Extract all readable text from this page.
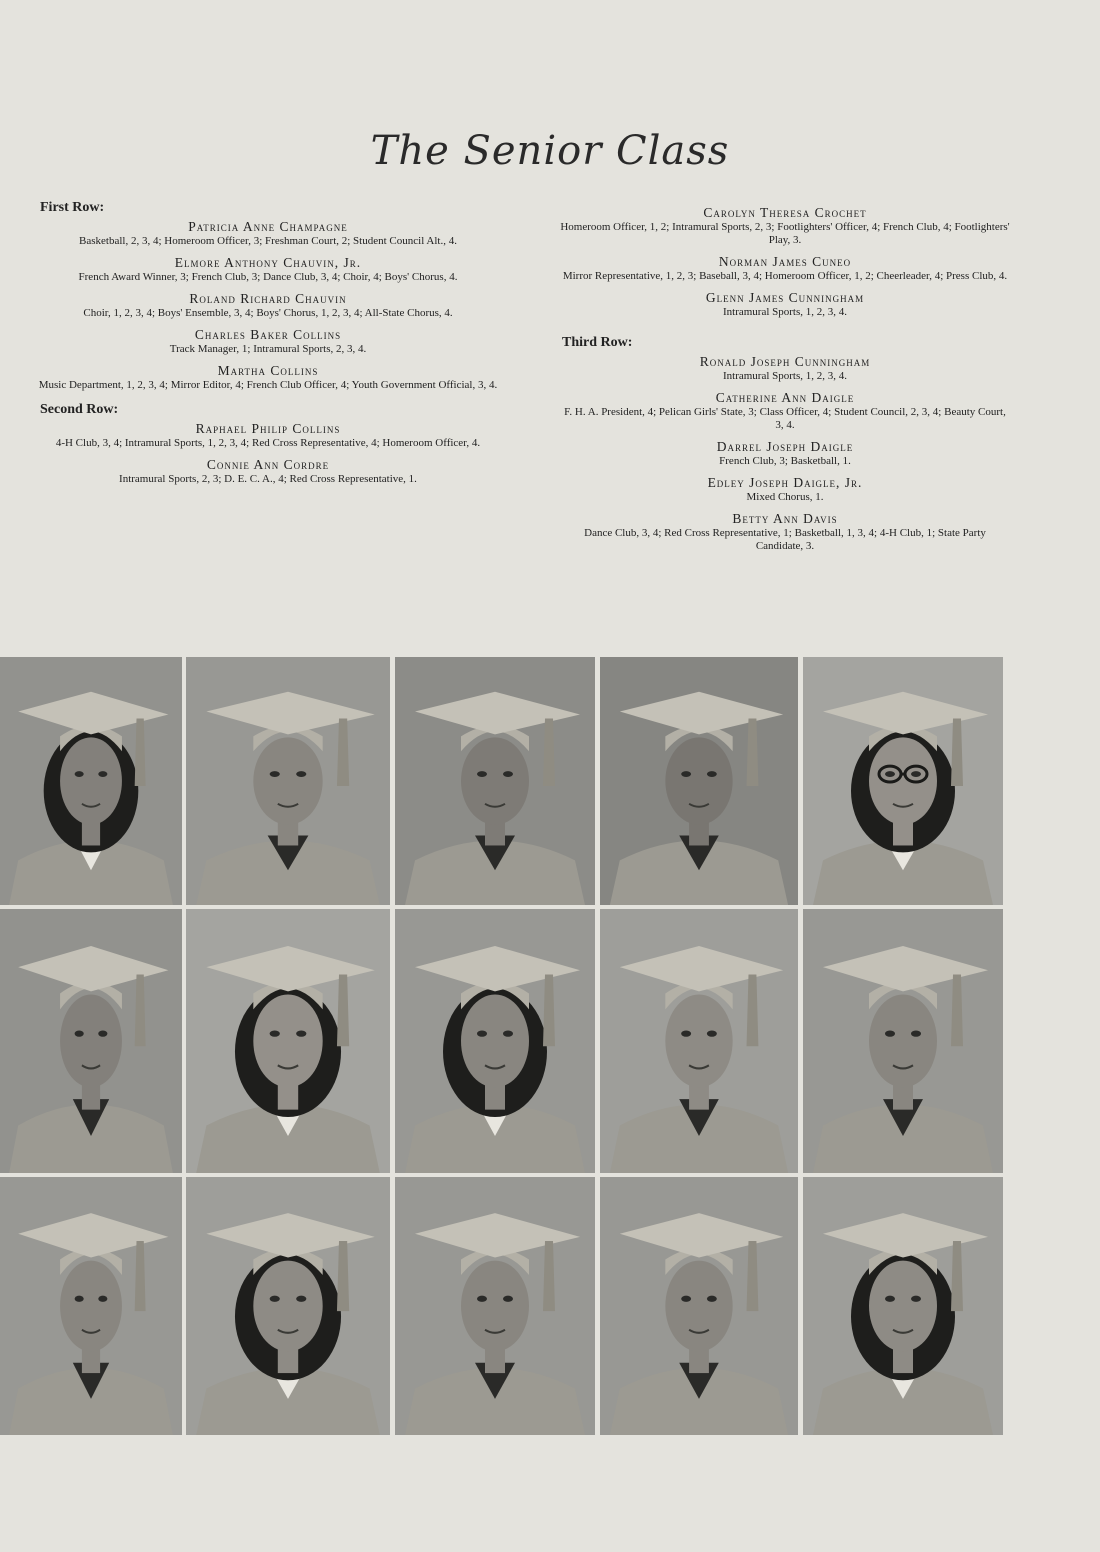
The Senior Class
First Row:
Patricia Anne Champagne
Basketball, 2, 3, 4; Homeroom Officer, 3; Freshman Court, 2; Student Council Alt., 4.
Elmore Anthony Chauvin, Jr.
French Award Winner, 3; French Club, 3; Dance Club, 3, 4; Choir, 4; Boys' Chorus, 4.
Roland Richard Chauvin
Choir, 1, 2, 3, 4; Boys' Ensemble, 3, 4; Boys' Chorus, 1, 2, 3, 4; All-State Chorus, 4.
Charles Baker Collins
Track Manager, 1; Intramural Sports, 2, 3, 4.
Martha Collins
Music Department, 1, 2, 3, 4; Mirror Editor, 4; French Club Officer, 4; Youth Government Official, 3, 4.
Second Row:
Raphael Philip Collins
4-H Club, 3, 4; Intramural Sports, 1, 2, 3, 4; Red Cross Representative, 4; Homeroom Officer, 4.
Connie Ann Cordre
Intramural Sports, 2, 3; D. E. C. A., 4; Red Cross Representative, 1.
Carolyn Theresa Crochet
Homeroom Officer, 1, 2; Intramural Sports, 2, 3; Footlighters' Officer, 4; French Club, 4; Footlighters' Play, 3.
Norman James Cuneo
Mirror Representative, 1, 2, 3; Baseball, 3, 4; Homeroom Officer, 1, 2; Cheerleader, 4; Press Club, 4.
Glenn James Cunningham
Intramural Sports, 1, 2, 3, 4.
Third Row:
Ronald Joseph Cunningham
Intramural Sports, 1, 2, 3, 4.
Catherine Ann Daigle
F. H. A. President, 4; Pelican Girls' State, 3; Class Officer, 4; Student Council, 2, 3, 4; Beauty Court, 3, 4.
Darrel Joseph Daigle
French Club, 3; Basketball, 1.
Edley Joseph Daigle, Jr.
Mixed Chorus, 1.
Betty Ann Davis
Dance Club, 3, 4; Red Cross Representative, 1; Basketball, 1, 3, 4; 4-H Club, 1; State Party Candidate, 3.
